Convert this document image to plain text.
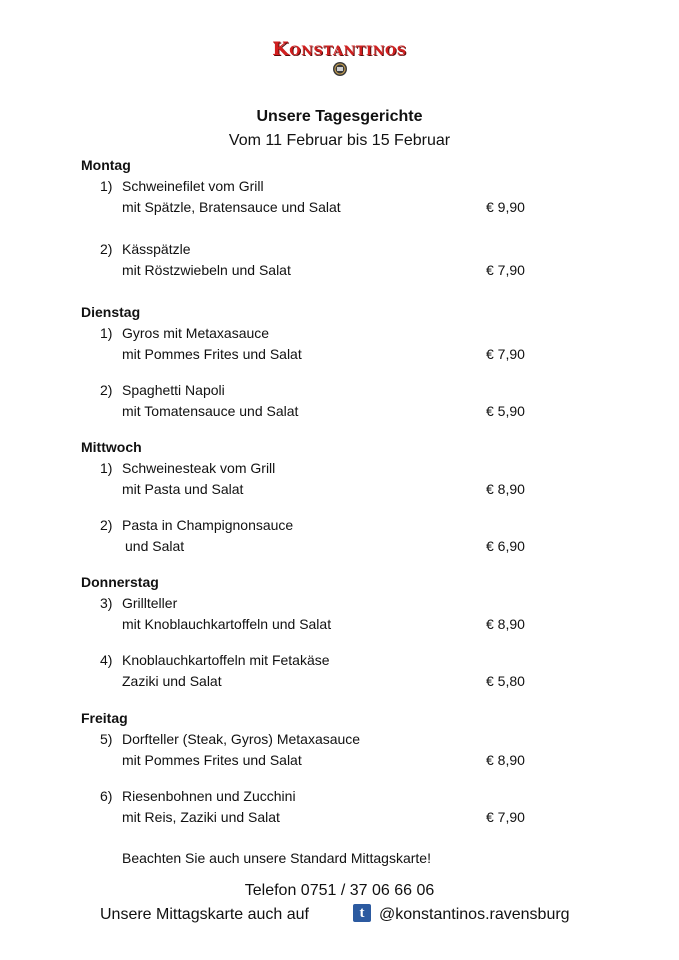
Konstantinos
Unsere Tagesgerichte
Vom 11 Februar bis 15 Februar
Montag
1) Schweinefilet vom Grill
mit Spätzle, Bratensauce und Salat	€ 9,90
2) Kässpätzle
mit Röstzwiebeln und Salat	€ 7,90
Dienstag
1) Gyros mit Metaxasauce
mit Pommes Frites und Salat	€ 7,90
2) Spaghetti Napoli
mit Tomatensauce und Salat	€ 5,90
Mittwoch
1) Schweinesteak vom Grill
mit Pasta und Salat	€ 8,90
2) Pasta in Champignonsauce
und Salat	€ 6,90
Donnerstag
3) Grillteller
mit Knoblauchkartoffeln und Salat	€ 8,90
4) Knoblauchkartoffeln mit Fetakäse
Zaziki und Salat	€ 5,80
Freitag
5) Dorfteller (Steak, Gyros) Metaxasauce
mit Pommes Frites und Salat	€ 8,90
6) Riesenbohnen und Zucchini
mit Reis, Zaziki und Salat	€ 7,90
Beachten Sie auch unsere Standard Mittagskarte!
Telefon 0751 / 37 06 66 06
Unsere Mittagskarte auch auf	t @konstantinos.ravensburg
